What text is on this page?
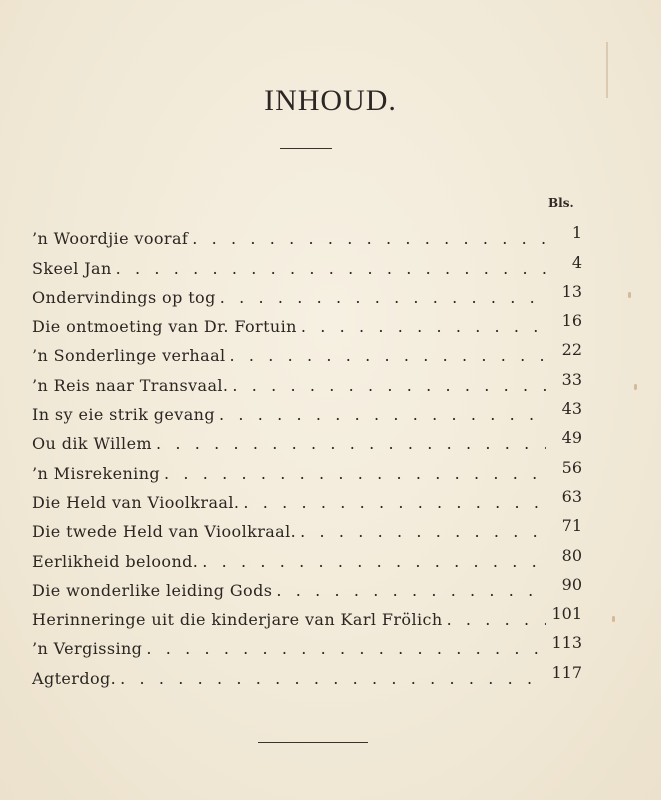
INHOUD.
Bls.
’n Woordjie vooraf . . .	1
Skeel Jan . . .	4
Ondervindings op tog . . .	13
Die ontmoeting van Dr. Fortuin . . .	16
’n Sonderlinge verhaal . . .	22
’n Reis naar Transvaal. . . .	33
In sy eie strik gevang . . .	43
Ou dik Willem . . .	49
’n Misrekening . . .	56
Die Held van Vioolkraal. . . .	63
Die twede Held van Vioolkraal. . . .	71
Eerlikheid beloond. . . .	80
Die wonderlike leiding Gods . . .	90
Herinneringe uit die kinderjare van Karl Frölich . . .	101
’n Vergissing . . .	113
Agterdog. . . .	117
